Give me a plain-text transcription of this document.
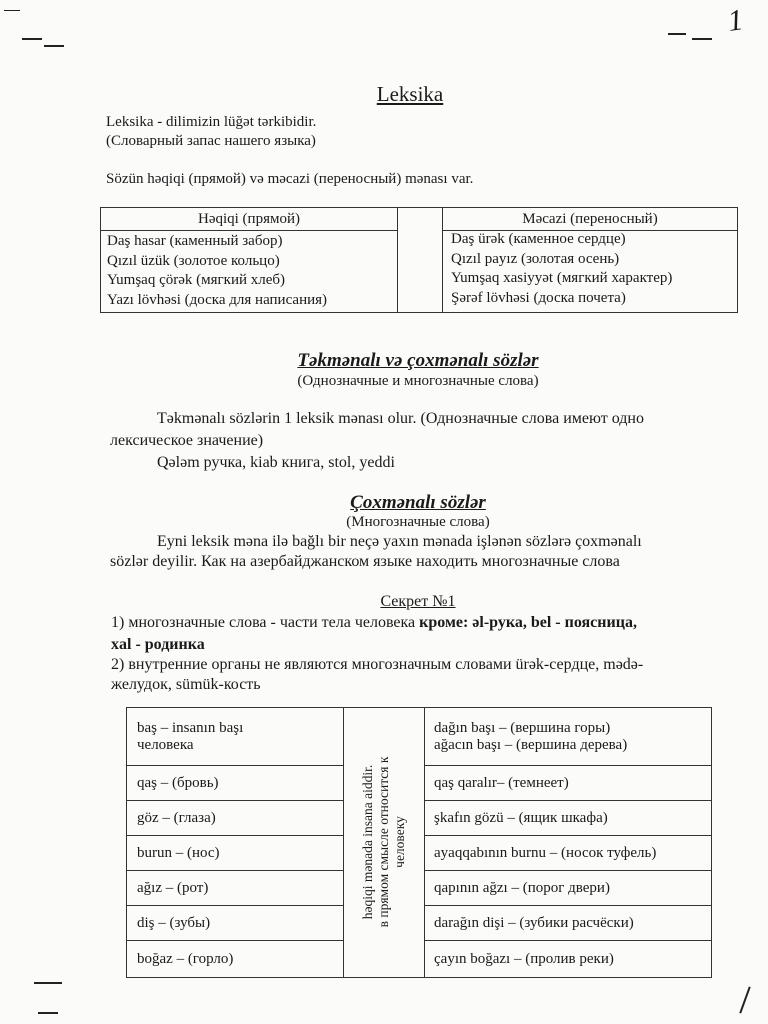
1
Leksika
Leksika - dilimizin lüğət tərkibidir.
(Словарный запас нашего языка)
Sözün həqiqi (прямой) və məcazi (переносный) mənası var.
Həqiqi (прямой)
Daş hasar (каменный забор)
Qızıl üzük (золотое кольцо)
Yumşaq çörək (мягкий хлеб)
Yazı lövhəsi (доска для написания)
Məcazi (переносный)
Daş ürək (каменное сердце)
Qızıl payız (золотая осень)
Yumşaq xasiyyət (мягкий характер)
Şərəf lövhəsi (доска почета)
Təkmənalı və çoxmənalı sözlər
(Однозначные и многозначные слова)
Təkmənalı sözlərin 1 leksik mənası olur. (Однозначные слова имеют одно
лексическое значение)
Qələm ручка, kiab книга, stol, yeddi
Çoxmənalı sözlər
(Многозначные слова)
Eyni leksik məna ilə bağlı bir neçə yaxın mənada işlənən sözlərə çoxmənalı
sözlər deyilir. Как на азербайджанском языке находить многозначные слова
Секрет №1
1) многозначные слова - части тела человека кроме: əl-рука, bel - поясница,
xal - родинка
2) внутренние органы не являются многозначным словами ürək-сердце, mədə-
желудок, sümük-кость
baş – insanın başı
человека
qaş – (бровь)
göz – (глаза)
burun – (нос)
ağız – (рот)
diş – (зубы)
boğaz – (горло)
həqiqi mənada insana aiddir. в прямом смысле относится к человеку
dağın başı – (вершина горы)
ağacın başı – (вершина дерева)
qaş qaralır– (темнеет)
şkafın gözü – (ящик шкафа)
ayaqqabının burnu – (носок туфель)
qapının ağzı – (порог двери)
darağın dişi – (зубики расчёски)
çayın boğazı – (пролив реки)
